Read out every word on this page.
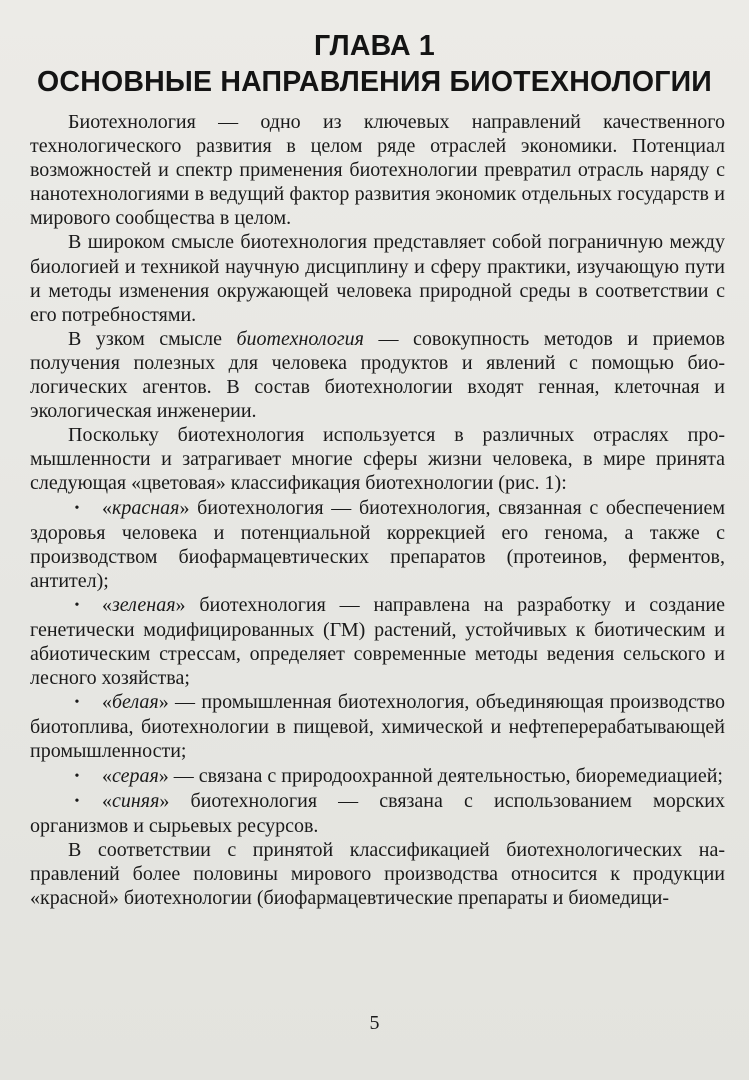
ГЛАВА 1
ОСНОВНЫЕ НАПРАВЛЕНИЯ БИОТЕХНОЛОГИИ

Биотехнология — одно из ключевых направлений качественного технологического развития в целом ряде отраслей экономики. Потенциал возможностей и спектр применения биотехнологии превратил отрасль наряду с нанотехнологиями в ведущий фактор развития экономик отдельных государств и мирового сообщества в целом.

В широком смысле биотехнология представляет собой пограничную между биологией и техникой научную дисциплину и сферу практики, изучающую пути и методы изменения окружающей человека природной среды в соответствии с его потребностями.

В узком смысле биотехнология — совокупность методов и приемов получения полезных для человека продуктов и явлений с помощью биологических агентов. В состав биотехнологии входят генная, клеточная и экологическая инженерии.

Поскольку биотехнология используется в различных отраслях промышленности и затрагивает многие сферы жизни человека, в мире принята следующая «цветовая» классификация биотехнологии (рис. 1):

• «красная» биотехнология — биотехнология, связанная с обеспечением здоровья человека и потенциальной коррекцией его генома, а также с производством биофармацевтических препаратов (протеинов, ферментов, антител);

• «зеленая» биотехнология — направлена на разработку и создание генетически модифицированных (ГМ) растений, устойчивых к биотическим и абиотическим стрессам, определяет современные методы ведения сельского и лесного хозяйства;

• «белая» — промышленная биотехнология, объединяющая производство биотоплива, биотехнологии в пищевой, химической и нефтеперерабатывающей промышленности;

• «серая» — связана с природоохранной деятельностью, биоремедиацией;

• «синяя» биотехнология — связана с использованием морских организмов и сырьевых ресурсов.

В соответствии с принятой классификацией биотехнологических направлений более половины мирового производства относится к продукции «красной» биотехнологии (биофармацевтические препараты и биомедици-

5
